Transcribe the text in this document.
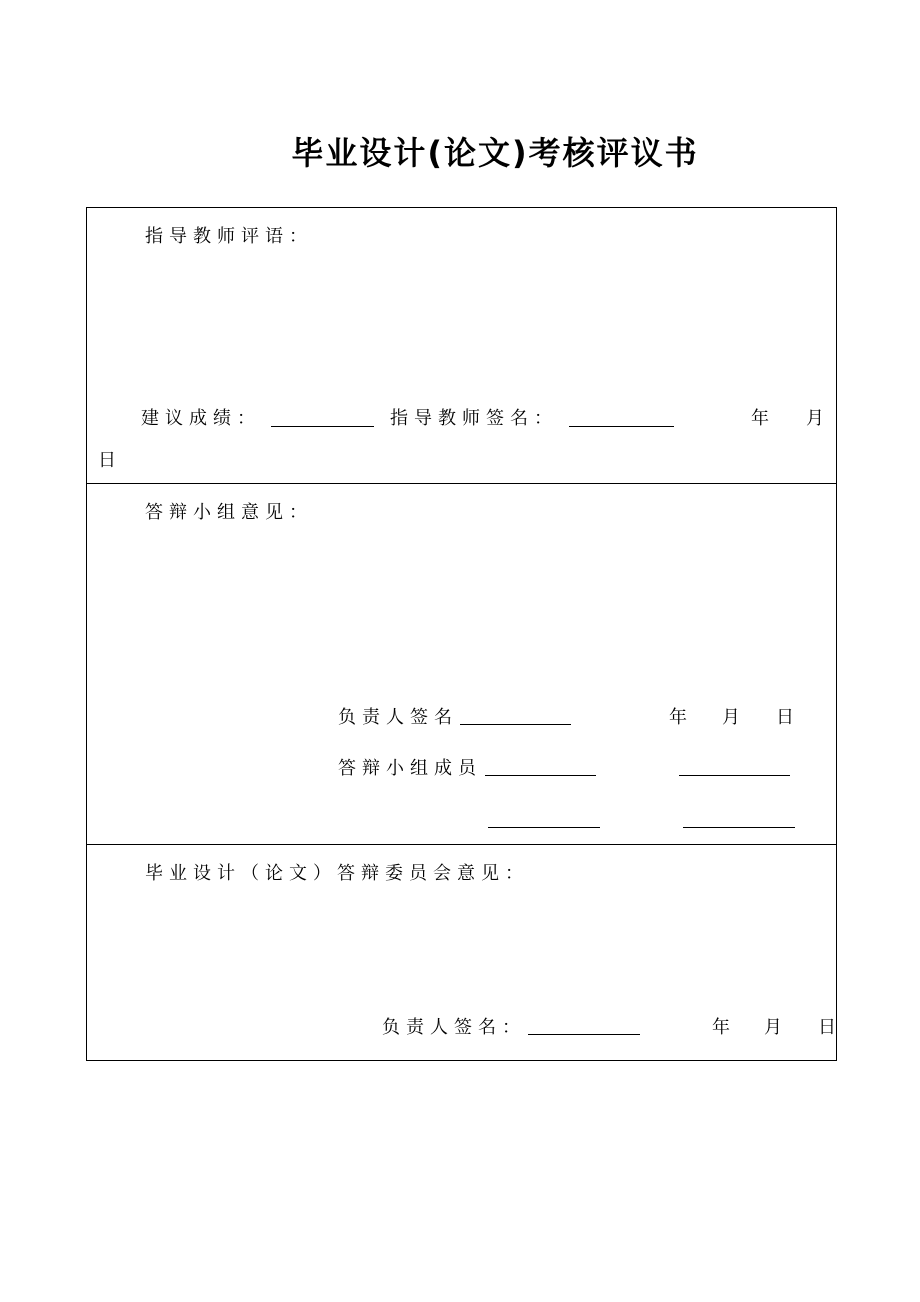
毕业设计(论文)考核评议书
指导教师评语：
建议成绩：	指导教师签名：	年 月
日
答辩小组意见：
负责人签名	年 月 日
答辩小组成员
毕业设计（论文）答辩委员会意见：
负责人签名：	年 月 日
